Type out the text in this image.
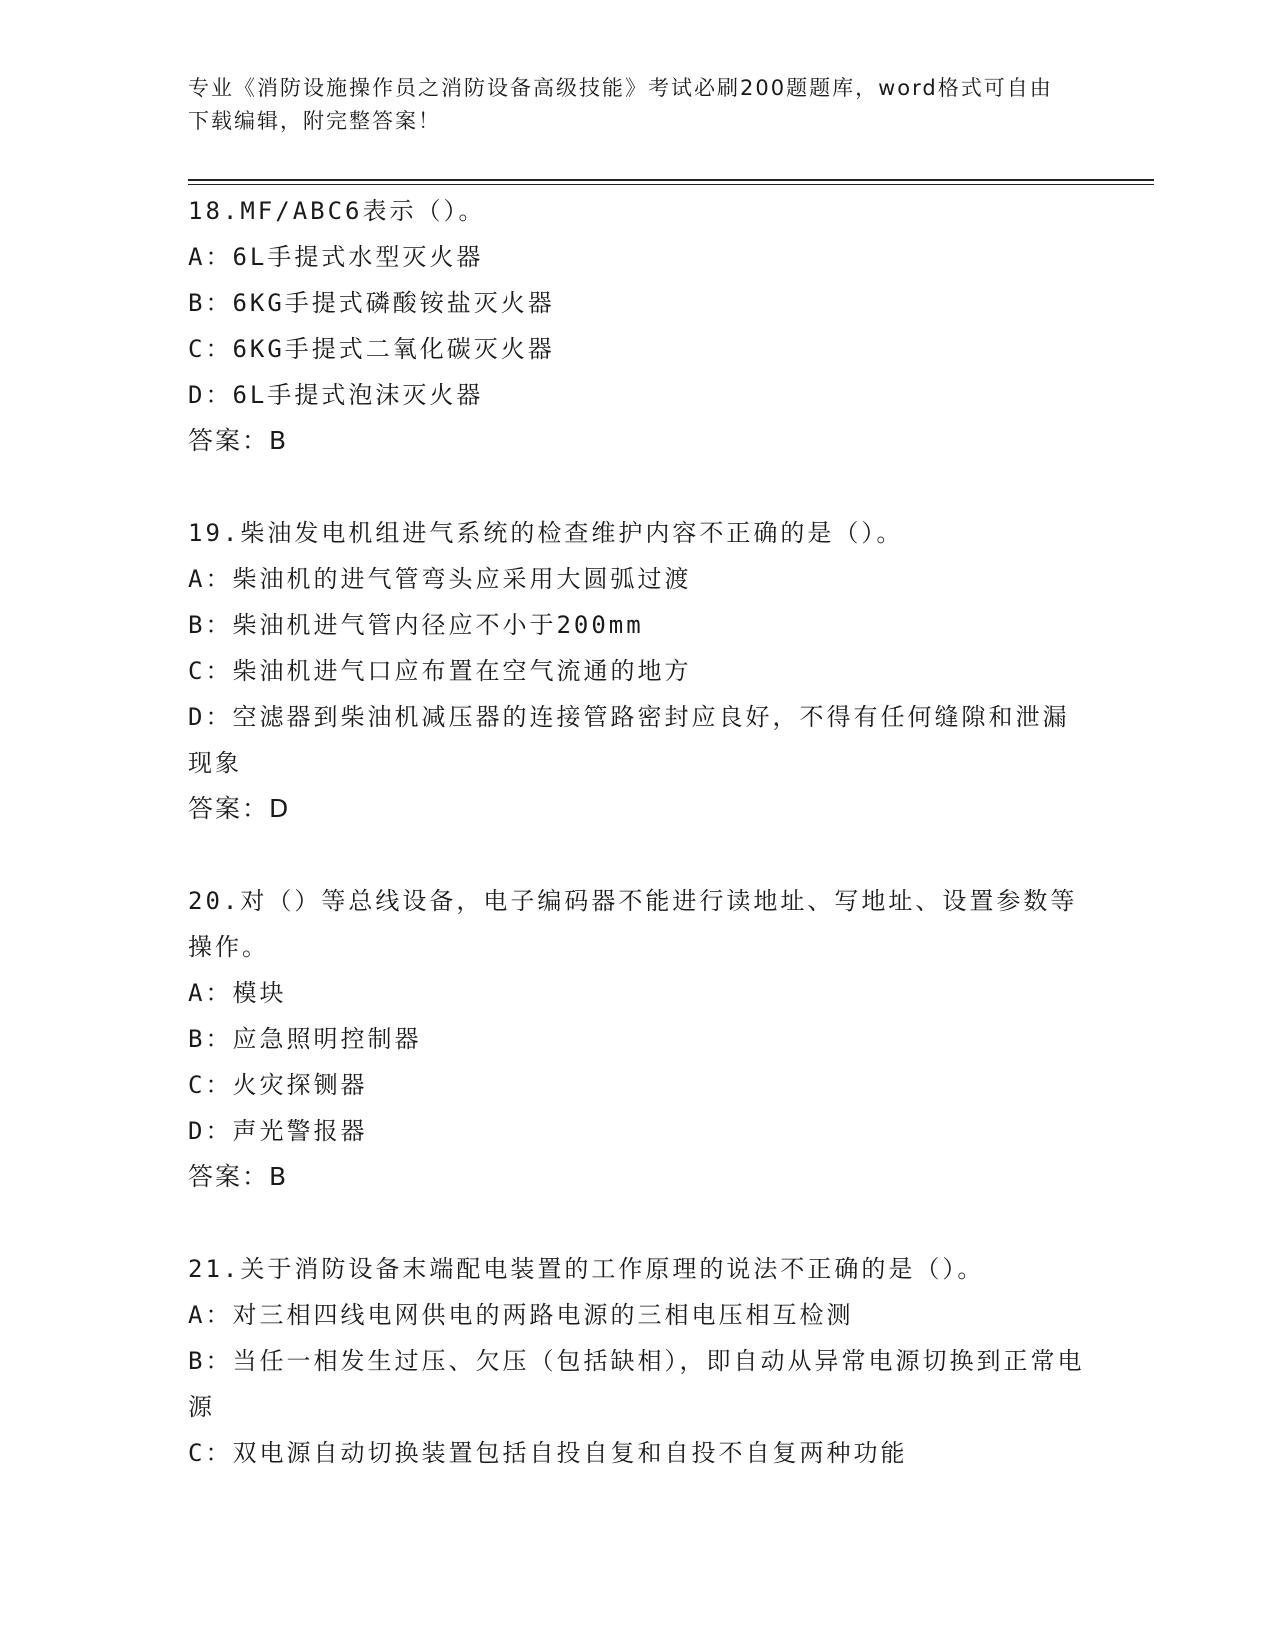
专业《消防设施操作员之消防设备高级技能》考试必刷200题题库，word格式可自由下载编辑，附完整答案！
18.MF/ABC6表示（）。
A：6L手提式水型灭火器
B：6KG手提式磷酸铵盐灭火器
C：6KG手提式二氧化碳灭火器
D：6L手提式泡沫灭火器
答案：B
19.柴油发电机组进气系统的检查维护内容不正确的是（）。
A：柴油机的进气管弯头应采用大圆弧过渡
B：柴油机进气管内径应不小于200mm
C：柴油机进气口应布置在空气流通的地方
D：空滤器到柴油机减压器的连接管路密封应良好，不得有任何缝隙和泄漏现象
答案：D
20.对（）等总线设备，电子编码器不能进行读地址、写地址、设置参数等操作。
A：模块
B：应急照明控制器
C：火灾探铡器
D：声光警报器
答案：B
21.关于消防设备末端配电装置的工作原理的说法不正确的是（）。
A：对三相四线电网供电的两路电源的三相电压相互检测
B：当任一相发生过压、欠压（包括缺相），即自动从异常电源切换到正常电源
C：双电源自动切换装置包括自投自复和自投不自复两种功能
